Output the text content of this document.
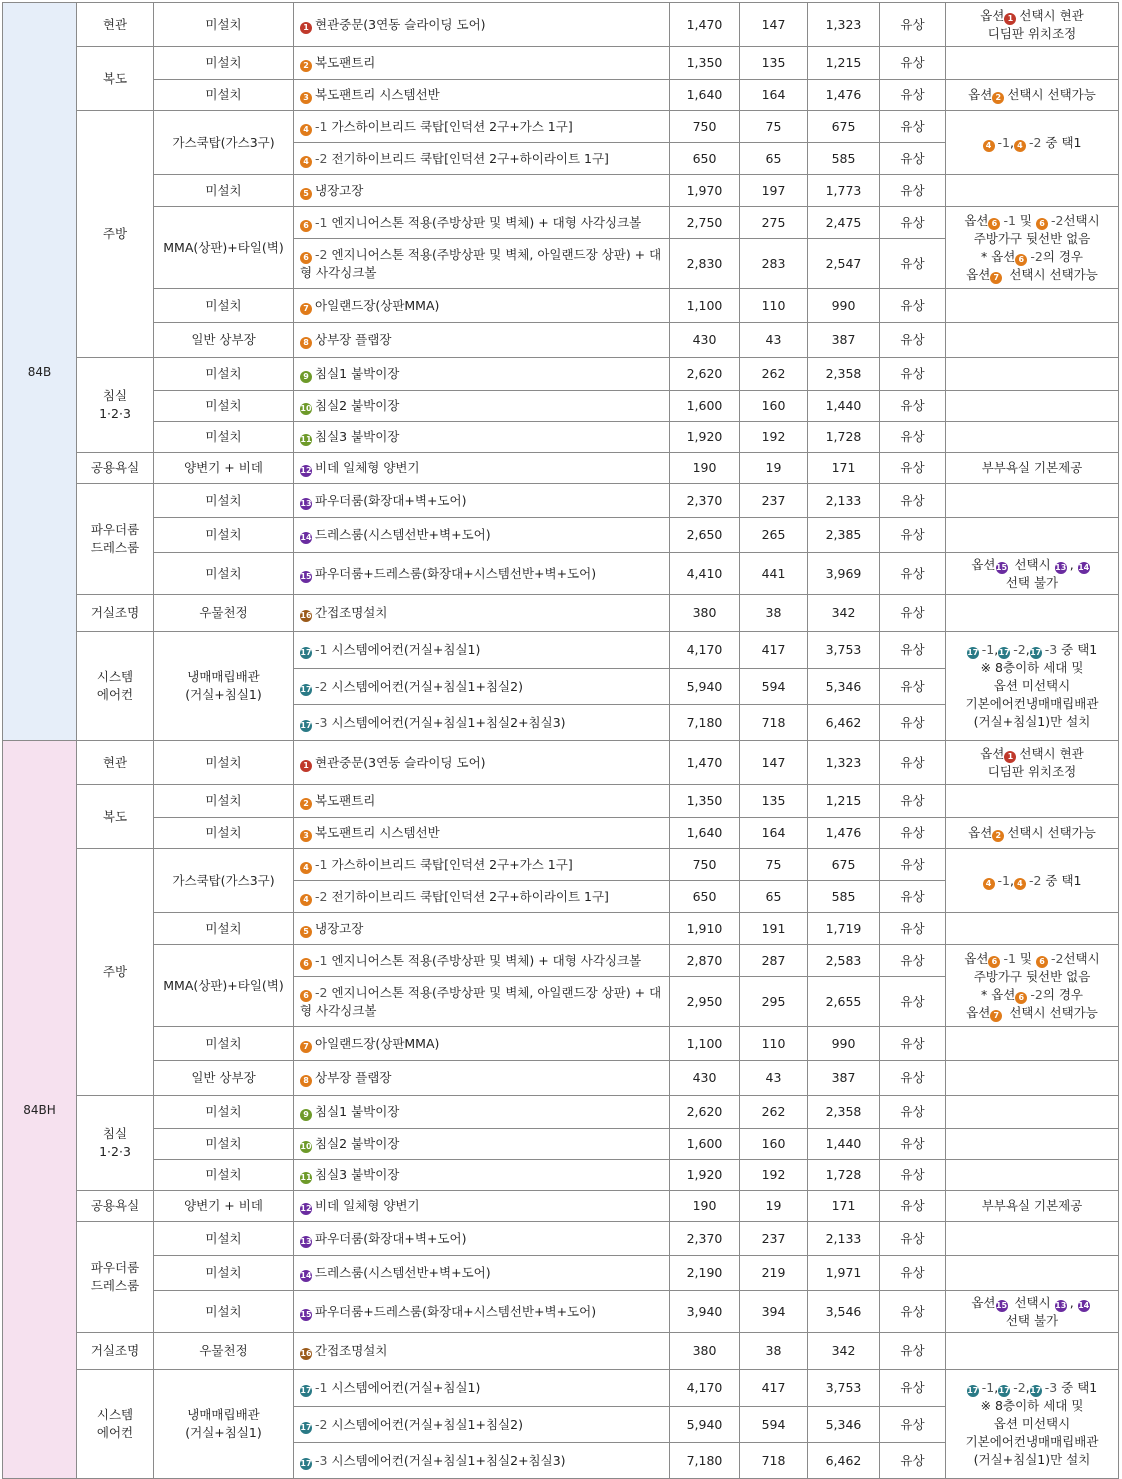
84B	현관	미설치	1 현관중문(3연동 슬라이딩 도어)	1,470	147	1,323	유상	옵션 1 선택시 현관
디딤판 위치조정

	복도	미설치	2 복도팬트리	1,350	135	1,215	유상	
		미설치	3 복도팬트리 시스템선반	1,640	164	1,476	유상	옵션 2 선택시 선택가능
	주방	가스쿡탑(가스3구)	4 -1 가스하이브리드 쿡탑[인덕션 2구+가스 1구]	750	75	675	유상	4 -1, 4 -2 중 택1
			4 -2 전기하이브리드 쿡탑[인덕션 2구+하이라이트 1구]	650	65	585	유상	
		미설치	5 냉장고장	1,970	197	1,773	유상	
		MMA(상판)+타일(벽)	6 -1 엔지니어스톤 적용(주방상판 및 벽체) + 대형 사각싱크볼	2,750	275	2,475	유상	옵션 6 -1 및 6 -2선택시
주방가구 뒷선반 없음
* 옵션 6 -2의 경우
옵션 7 선택시 선택가능

			6 -2 엔지니어스톤 적용(주방상판 및 벽체, 아일랜드장 상판) + 대형 사각싱크볼	2,830	283	2,547	유상	
		미설치	7 아일랜드장(상판MMA)	1,100	110	990	유상	
		일반 상부장	8 상부장 플랩장	430	43	387	유상	

	침실
1·2·3	미설치	9 침실1 붙박이장	2,620	262	2,358	유상	
		미설치	10 침실2 붙박이장	1,600	160	1,440	유상	
		미설치	11 침실3 붙박이장	1,920	192	1,728	유상	
	공용욕실	양변기 + 비데	12 비데 일체형 양변기	190	19	171	유상	부부욕실 기본제공

	파우더룸
드레스룸	미설치	13 파우더룸(화장대+벽+도어)	2,370	237	2,133	유상	
		미설치	14 드레스룸(시스템선반+벽+도어)	2,650	265	2,385	유상	
		미설치	15 파우더룸+드레스룸(화장대+시스템선반+벽+도어)	4,410	441	3,969	유상	옵션15 선택시 13 , 14
선택 불가

	거실조명	우물천정	16 간접조명설치	380	38	342	유상	

	시스템
에어컨	냉매매립배관
(거실+침실1)	17 -1 시스템에어컨(거실+침실1)	4,170	417	3,753	유상	17 -1,17 -2,17 -3 중 택1
※ 8층이하 세대 및
옵션 미선택시
기본에어컨냉매매립배관
(거실+침실1)만 설치

			17 -2 시스템에어컨(거실+침실1+침실2)	5,940	594	5,346	유상	
			17 -3 시스템에어컨(거실+침실1+침실2+침실3)	7,180	718	6,462	유상	
84BH	현관	미설치	1 현관중문(3연동 슬라이딩 도어)	1,470	147	1,323	유상	옵션 1 선택시 현관
디딤판 위치조정

	복도	미설치	2 복도팬트리	1,350	135	1,215	유상	
		미설치	3 복도팬트리 시스템선반	1,640	164	1,476	유상	옵션 2 선택시 선택가능
	주방	가스쿡탑(가스3구)	4 -1 가스하이브리드 쿡탑[인덕션 2구+가스 1구]	750	75	675	유상	4 -1, 4 -2 중 택1
			4 -2 전기하이브리드 쿡탑[인덕션 2구+하이라이트 1구]	650	65	585	유상	
		미설치	5 냉장고장	1,910	191	1,719	유상	
		MMA(상판)+타일(벽)	6 -1 엔지니어스톤 적용(주방상판 및 벽체) + 대형 사각싱크볼	2,870	287	2,583	유상	옵션 6 -1 및 6 -2선택시
주방가구 뒷선반 없음
* 옵션 6 -2의 경우
옵션 7 선택시 선택가능

			6 -2 엔지니어스톤 적용(주방상판 및 벽체, 아일랜드장 상판) + 대형 사각싱크볼	2,950	295	2,655	유상	
		미설치	7 아일랜드장(상판MMA)	1,100	110	990	유상	
		일반 상부장	8 상부장 플랩장	430	43	387	유상	

	침실
1·2·3	미설치	9 침실1 붙박이장	2,620	262	2,358	유상	
		미설치	10 침실2 붙박이장	1,600	160	1,440	유상	
		미설치	11 침실3 붙박이장	1,920	192	1,728	유상	
	공용욕실	양변기 + 비데	12 비데 일체형 양변기	190	19	171	유상	부부욕실 기본제공

	파우더룸
드레스룸	미설치	13 파우더룸(화장대+벽+도어)	2,370	237	2,133	유상	
		미설치	14 드레스룸(시스템선반+벽+도어)	2,190	219	1,971	유상	
		미설치	15 파우더룸+드레스룸(화장대+시스템선반+벽+도어)	3,940	394	3,546	유상	옵션15 선택시 13 , 14
선택 불가

	거실조명	우물천정	16 간접조명설치	380	38	342	유상	

	시스템
에어컨	냉매매립배관
(거실+침실1)	17 -1 시스템에어컨(거실+침실1)	4,170	417	3,753	유상	17 -1,17 -2,17 -3 중 택1
※ 8층이하 세대 및
옵션 미선택시
기본에어컨냉매매립배관
(거실+침실1)만 설치

			17 -2 시스템에어컨(거실+침실1+침실2)	5,940	594	5,346	유상	
			17 -3 시스템에어컨(거실+침실1+침실2+침실3)	7,180	718	6,462	유상	
